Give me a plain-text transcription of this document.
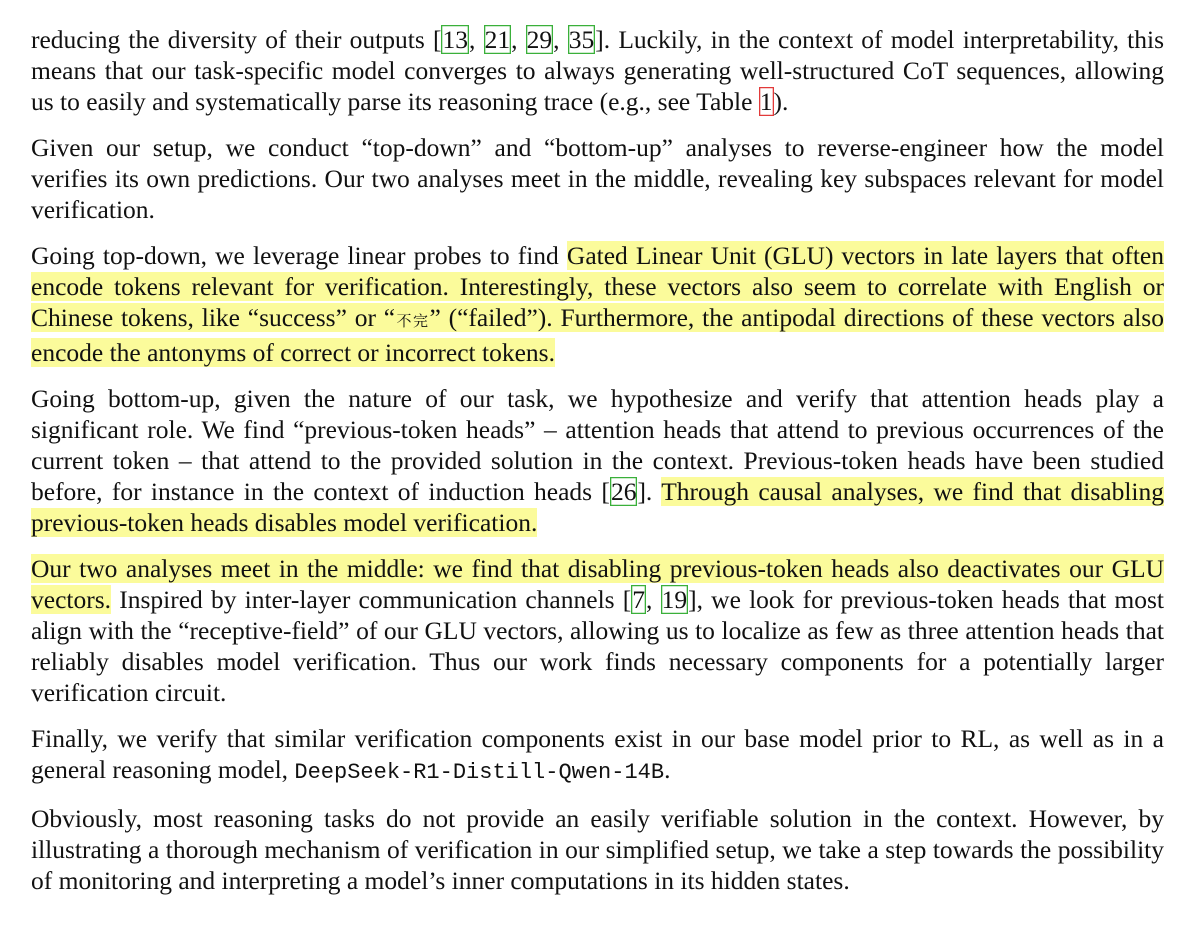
reducing the diversity of their outputs [13, 21, 29, 35]. Luckily, in the context of model interpretability, this means that our task-specific model converges to always generating well-structured CoT sequences, allowing us to easily and systematically parse its reasoning trace (e.g., see Table 1).

Given our setup, we conduct “top-down” and “bottom-up” analyses to reverse-engineer how the model verifies its own predictions. Our two analyses meet in the middle, revealing key subspaces relevant for model verification.

Going top-down, we leverage linear probes to find Gated Linear Unit (GLU) vectors in late layers that often encode tokens relevant for verification. Interestingly, these vectors also seem to correlate with English or Chinese tokens, like “success” or “不完” (“failed”). Furthermore, the antipodal directions of these vectors also encode the antonyms of correct or incorrect tokens.

Going bottom-up, given the nature of our task, we hypothesize and verify that attention heads play a significant role. We find “previous-token heads” – attention heads that attend to previous occurrences of the current token – that attend to the provided solution in the context. Previous-token heads have been studied before, for instance in the context of induction heads [26]. Through causal analyses, we find that disabling previous-token heads disables model verification.

Our two analyses meet in the middle: we find that disabling previous-token heads also deactivates our GLU vectors. Inspired by inter-layer communication channels [7, 19], we look for previous-token heads that most align with the “receptive-field” of our GLU vectors, allowing us to localize as few as three attention heads that reliably disables model verification. Thus our work finds necessary components for a potentially larger verification circuit.

Finally, we verify that similar verification components exist in our base model prior to RL, as well as in a general reasoning model, DeepSeek-R1-Distill-Qwen-14B.

Obviously, most reasoning tasks do not provide an easily verifiable solution in the context. However, by illustrating a thorough mechanism of verification in our simplified setup, we take a step towards the possibility of monitoring and interpreting a model’s inner computations in its hidden states.
